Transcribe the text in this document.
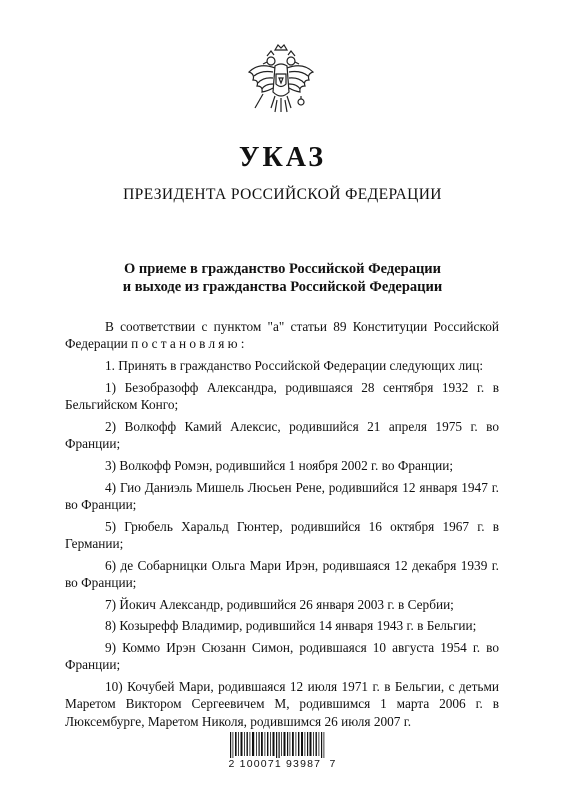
УКАЗ
ПРЕЗИДЕНТА РОССИЙСКОЙ ФЕДЕРАЦИИ
О приеме в гражданство Российской Федерации
и выходе из гражданства Российской Федерации

В соответствии с пунктом "а" статьи 89 Конституции Российской Федерации постановляю:

1. Принять в гражданство Российской Федерации следующих лиц:

1) Безобразофф Александра, родившаяся 28 сентября 1932 г. в Бельгийском Конго;

2) Волкофф Камий Алексис, родившийся 21 апреля 1975 г. во Франции;

3) Волкофф Ромэн, родившийся 1 ноября 2002 г. во Франции;

4) Гио Даниэль Мишель Люсьен Рене, родившийся 12 января 1947 г. во Франции;

5) Грюбель Харальд Гюнтер, родившийся 16 октября 1967 г. в Германии;

6) де Собарницки Ольга Мари Ирэн, родившаяся 12 декабря 1939 г. во Франции;

7) Йокич Александр, родившийся 26 января 2003 г. в Сербии;

8) Козырефф Владимир, родившийся 14 января 1943 г. в Бельгии;

9) Коммо Ирэн Сюзанн Симон, родившаяся 10 августа 1954 г. во Франции;

10) Кочубей Мари, родившаяся 12 июля 1971 г. в Бельгии, с детьми Маретом Виктором Сергеевичем М, родившимся 1 марта 2006 г. в Люксембурге, Маретом Николя, родившимся 26 июля 2007 г.

2 100071 93987  7
